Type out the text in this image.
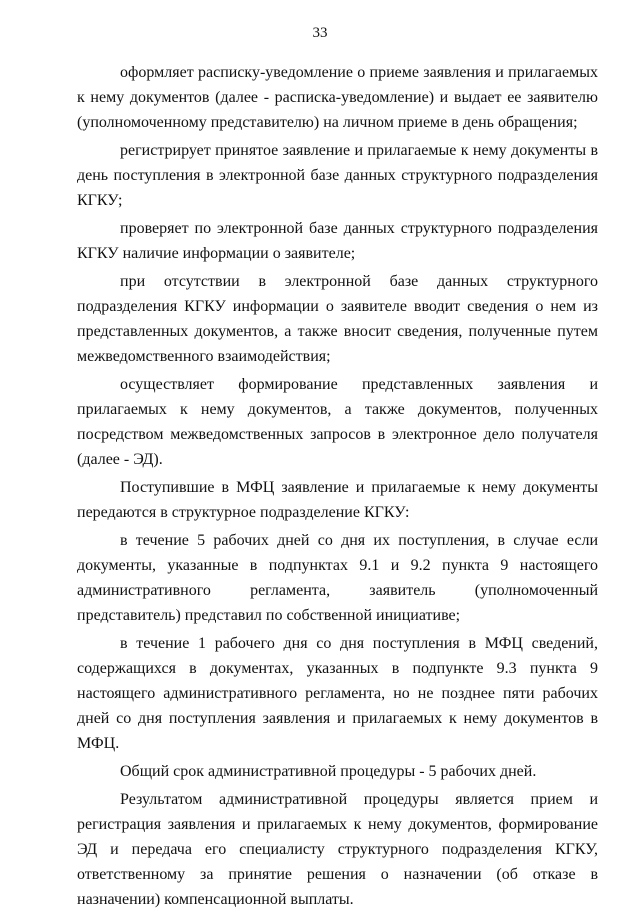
33

оформляет расписку-уведомление о приеме заявления и прилагаемых к нему документов (далее - расписка-уведомление) и выдает ее заявителю (уполномоченному представителю) на личном приеме в день обращения;

регистрирует принятое заявление и прилагаемые к нему документы в день поступления в электронной базе данных структурного подразделения КГКУ;

проверяет по электронной базе данных структурного подразделения КГКУ наличие информации о заявителе;

при отсутствии в электронной базе данных структурного подразделения КГКУ информации о заявителе вводит сведения о нем из представленных документов, а также вносит сведения, полученные путем межведомственного взаимодействия;

осуществляет формирование представленных заявления и прилагаемых к нему документов, а также документов, полученных посредством межведомственных запросов в электронное дело получателя (далее - ЭД).

Поступившие в МФЦ заявление и прилагаемые к нему документы передаются в структурное подразделение КГКУ:

в течение 5 рабочих дней со дня их поступления, в случае если документы, указанные в подпунктах 9.1 и 9.2 пункта 9 настоящего административного регламента, заявитель (уполномоченный представитель) представил по собственной инициативе;

в течение 1 рабочего дня со дня поступления в МФЦ сведений, содержащихся в документах, указанных в подпункте 9.3 пункта 9 настоящего административного регламента, но не позднее пяти рабочих дней со дня поступления заявления и прилагаемых к нему документов в МФЦ.

Общий срок административной процедуры - 5 рабочих дней.

Результатом административной процедуры является прием и регистрация заявления и прилагаемых к нему документов, формирование ЭД и передача его специалисту структурного подразделения КГКУ, ответственному за принятие решения о назначении (об отказе в назначении) компенсационной выплаты.
